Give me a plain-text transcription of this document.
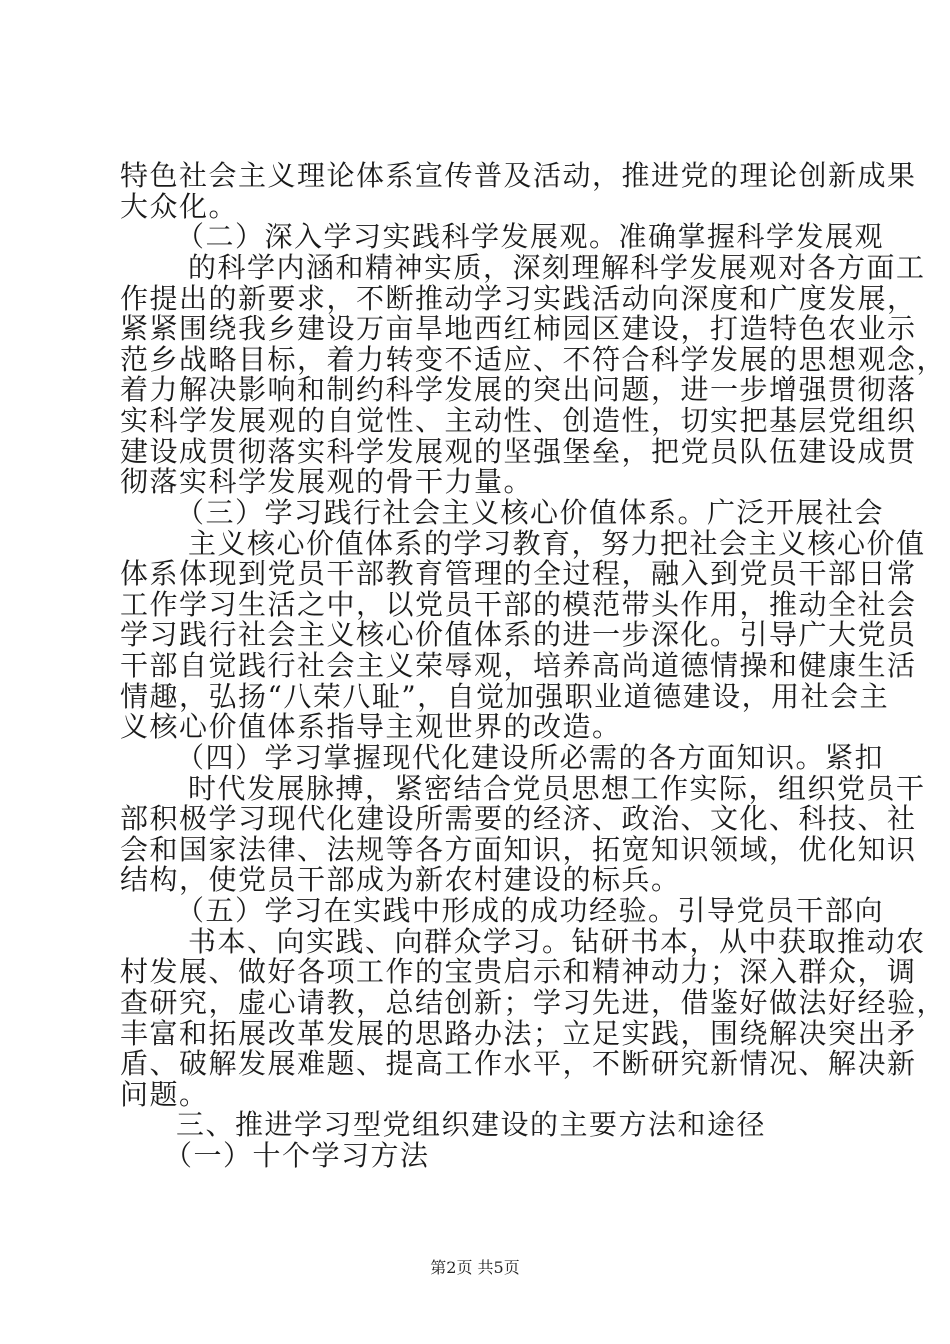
特色社会主义理论体系宣传普及活动，推进党的理论创新成果
大众化。
（二）深入学习实践科学发展观。准确掌握科学发展观
的科学内涵和精神实质，深刻理解科学发展观对各方面工
作提出的新要求，不断推动学习实践活动向深度和广度发展，
紧紧围绕我乡建设万亩旱地西红柿园区建设，打造特色农业示
范乡战略目标，着力转变不适应、不符合科学发展的思想观念，
着力解决影响和制约科学发展的突出问题，进一步增强贯彻落
实科学发展观的自觉性、主动性、创造性，切实把基层党组织
建设成贯彻落实科学发展观的坚强堡垒，把党员队伍建设成贯
彻落实科学发展观的骨干力量。
（三）学习践行社会主义核心价值体系。广泛开展社会
主义核心价值体系的学习教育，努力把社会主义核心价值
体系体现到党员干部教育管理的全过程，融入到党员干部日常
工作学习生活之中，以党员干部的模范带头作用，推动全社会
学习践行社会主义核心价值体系的进一步深化。引导广大党员
干部自觉践行社会主义荣辱观，培养高尚道德情操和健康生活
情趣，弘扬“八荣八耻”，自觉加强职业道德建设，用社会主
义核心价值体系指导主观世界的改造。
（四）学习掌握现代化建设所必需的各方面知识。紧扣
时代发展脉搏，紧密结合党员思想工作实际，组织党员干
部积极学习现代化建设所需要的经济、政治、文化、科技、社
会和国家法律、法规等各方面知识，拓宽知识领域，优化知识
结构，使党员干部成为新农村建设的标兵。
（五）学习在实践中形成的成功经验。引导党员干部向
书本、向实践、向群众学习。钻研书本，从中获取推动农
村发展、做好各项工作的宝贵启示和精神动力；深入群众，调
查研究，虚心请教，总结创新；学习先进，借鉴好做法好经验，
丰富和拓展改革发展的思路办法；立足实践，围绕解决突出矛
盾、破解发展难题、提高工作水平，不断研究新情况、解决新
问题。
三、推进学习型党组织建设的主要方法和途径
（一）十个学习方法
第2页 共5页
